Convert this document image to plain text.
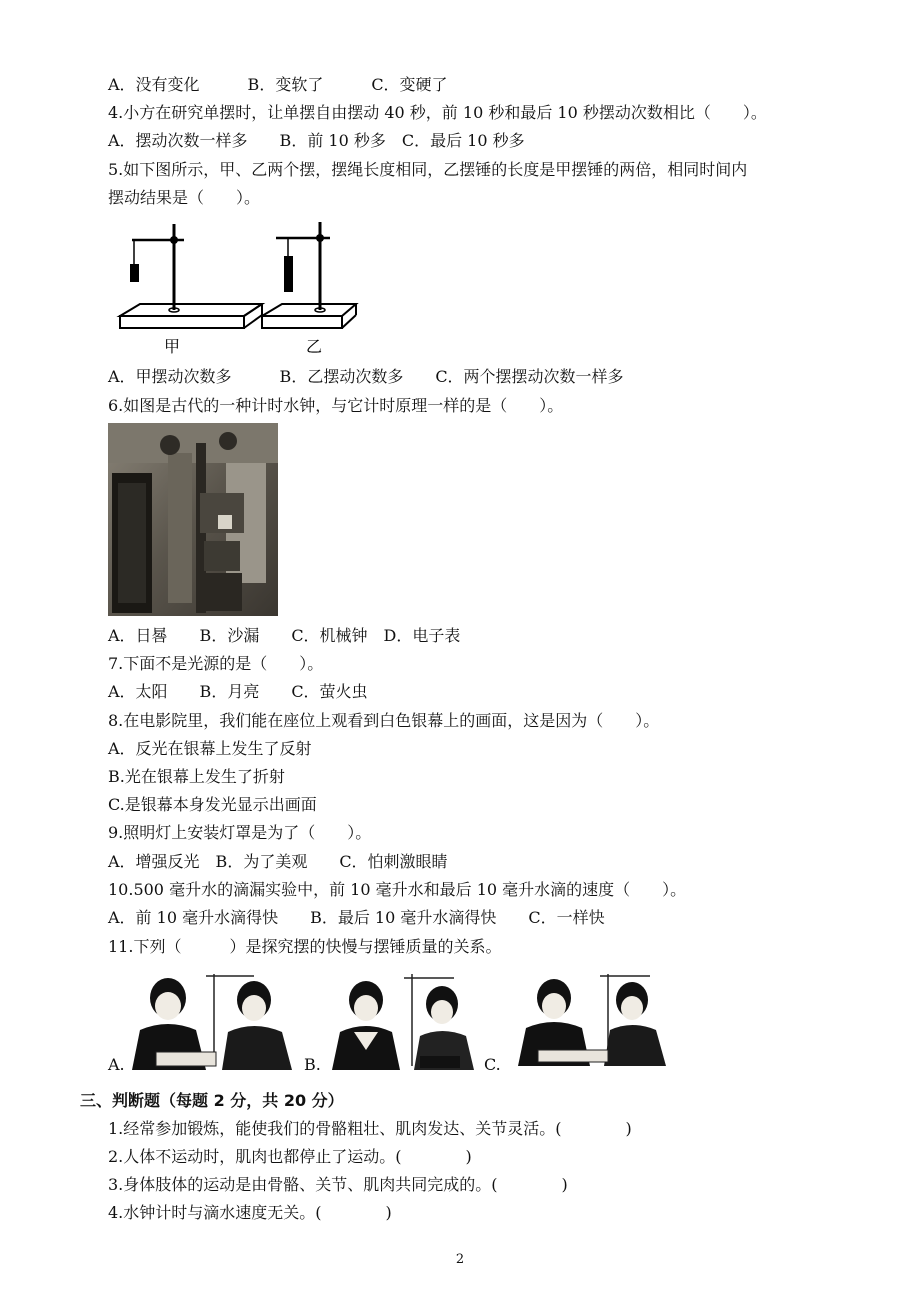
A．没有变化　　　B．变软了　　　C．变硬了
4.小方在研究单摆时，让单摆自由摆动 40 秒，前 10 秒和最后 10 秒摆动次数相比（　　）。
A．摆动次数一样多　　B．前 10 秒多　C．最后 10 秒多
5.如下图所示，甲、乙两个摆，摆绳长度相同，乙摆锤的长度是甲摆锤的两倍，相同时间内
摆动结果是（　　）。
甲	乙
A．甲摆动次数多　　　B．乙摆动次数多　　C．两个摆摆动次数一样多
6.如图是古代的一种计时水钟，与它计时原理一样的是（　　）。
A．日晷　　B．沙漏　　C．机械钟　D．电子表
7.下面不是光源的是（　　）。
A．太阳　　B．月亮　　C．萤火虫
8.在电影院里，我们能在座位上观看到白色银幕上的画面，这是因为（　　）。
A．反光在银幕上发生了反射
B.光在银幕上发生了折射
C.是银幕本身发光显示出画面
9.照明灯上安装灯罩是为了（　　）。
A．增强反光　B．为了美观　　C．怕刺激眼睛
10.500 毫升水的滴漏实验中，前 10 毫升水和最后 10 毫升水滴的速度（　　）。
A．前 10 毫升水滴得快　　B．最后 10 毫升水滴得快　　C．一样快
11.下列（　　　）是探究摆的快慢与摆锤质量的关系。
A.	B.	C.
三、判断题（每题 2 分，共 20 分）
1.经常参加锻炼，能使我们的骨骼粗壮、肌肉发达、关节灵活。(　　　　)
2.人体不运动时，肌肉也都停止了运动。(　　　　)
3.身体肢体的运动是由骨骼、关节、肌肉共同完成的。(　　　　)
4.水钟计时与滴水速度无关。(　　　　)
2
